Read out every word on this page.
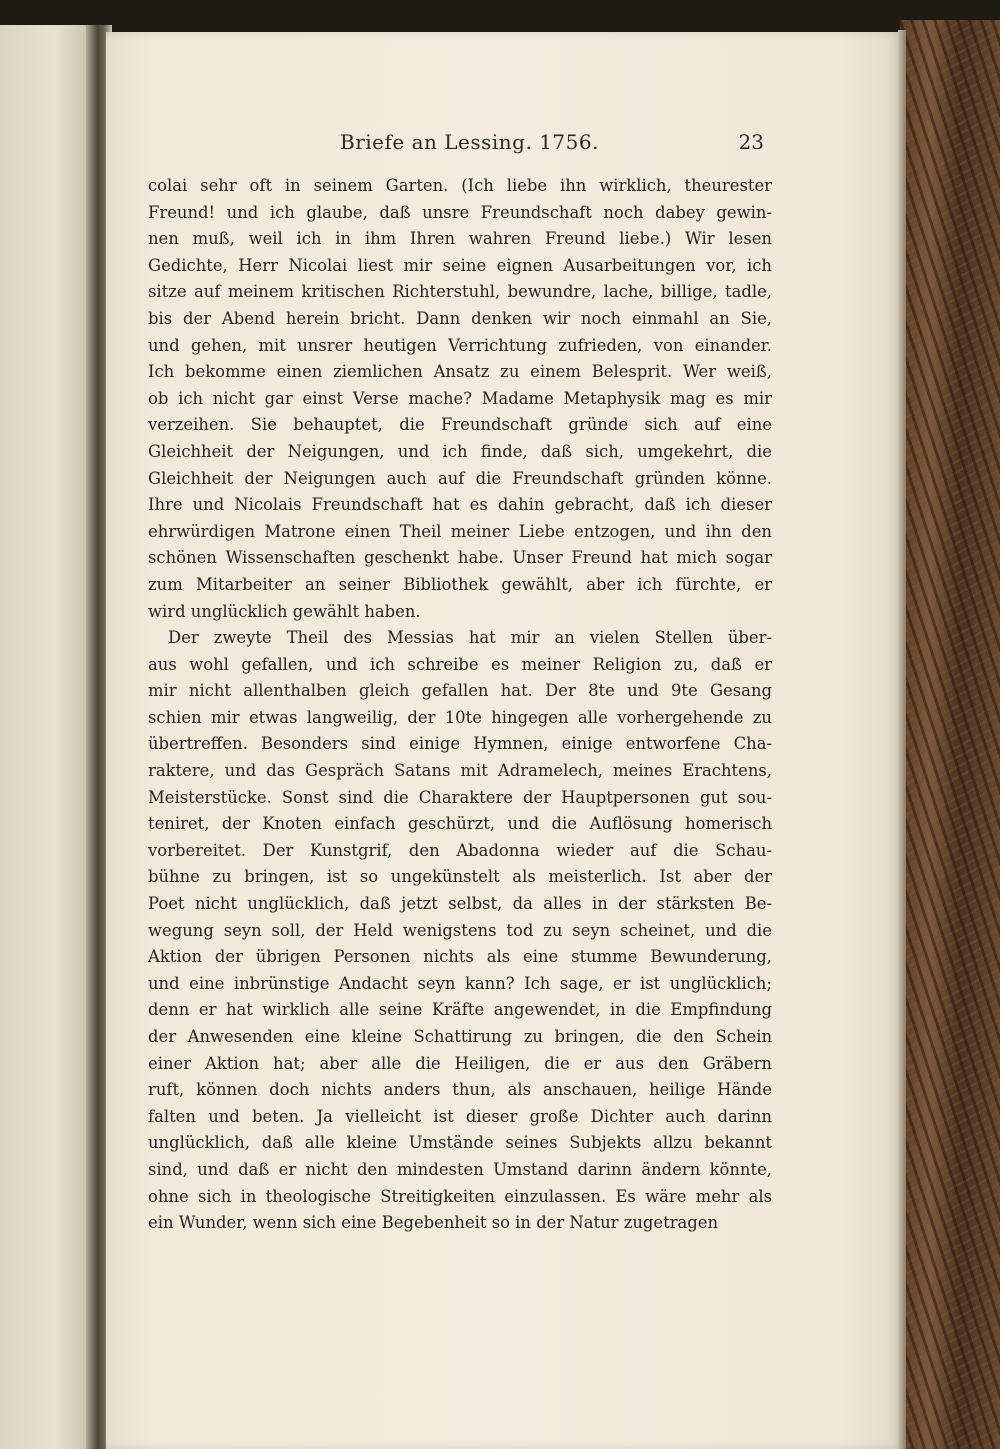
Briefe an Lessing. 1756.	23
colai sehr oft in seinem Garten. (Ich liebe ihn wirklich, theurester
Freund! und ich glaube, daß unsre Freundschaft noch dabey gewin-
nen muß, weil ich in ihm Ihren wahren Freund liebe.) Wir lesen
Gedichte, Herr Nicolai liest mir seine eignen Ausarbeitungen vor, ich
sitze auf meinem kritischen Richterstuhl, bewundre, lache, billige, tadle,
bis der Abend herein bricht. Dann denken wir noch einmahl an Sie,
und gehen, mit unsrer heutigen Verrichtung zufrieden, von einander.
Ich bekomme einen ziemlichen Ansatz zu einem Belesprit. Wer weiß,
ob ich nicht gar einst Verse mache? Madame Metaphysik mag es mir
verzeihen. Sie behauptet, die Freundschaft gründe sich auf eine
Gleichheit der Neigungen, und ich finde, daß sich, umgekehrt, die
Gleichheit der Neigungen auch auf die Freundschaft gründen könne.
Ihre und Nicolais Freundschaft hat es dahin gebracht, daß ich dieser
ehrwürdigen Matrone einen Theil meiner Liebe entzogen, und ihn den
schönen Wissenschaften geschenkt habe. Unser Freund hat mich sogar
zum Mitarbeiter an seiner Bibliothek gewählt, aber ich fürchte, er
wird unglücklich gewählt haben.
Der zweyte Theil des Messias hat mir an vielen Stellen über-
aus wohl gefallen, und ich schreibe es meiner Religion zu, daß er
mir nicht allenthalben gleich gefallen hat. Der 8te und 9te Gesang
schien mir etwas langweilig, der 10te hingegen alle vorhergehende zu
übertreffen. Besonders sind einige Hymnen, einige entworfene Cha-
raktere, und das Gespräch Satans mit Adrameleсh, meines Erachtens,
Meisterstücke. Sonst sind die Charaktere der Hauptpersonen gut sou-
teniret, der Knoten einfach geschürzt, und die Auflösung homerisch
vorbereitet. Der Kunstgrif, den Abadonna wieder auf die Schau-
bühne zu bringen, ist so ungekünstelt als meisterlich. Ist aber der
Poet nicht unglücklich, daß jetzt selbst, da alles in der stärksten Be-
wegung seyn soll, der Held wenigstens tod zu seyn scheinet, und die
Aktion der übrigen Personen nichts als eine stumme Bewunderung,
und eine inbrünstige Andacht seyn kann? Ich sage, er ist unglücklich;
denn er hat wirklich alle seine Kräfte angewendet, in die Empfindung
der Anwesenden eine kleine Schattirung zu bringen, die den Schein
einer Aktion hat; aber alle die Heiligen, die er aus den Gräbern
ruft, können doch nichts anders thun, als anschauen, heilige Hände
falten und beten. Ja vielleicht ist dieser große Dichter auch darinn
unglücklich, daß alle kleine Umstände seines Subjekts allzu bekannt
sind, und daß er nicht den mindesten Umstand darinn ändern könnte,
ohne sich in theologische Streitigkeiten einzulassen. Es wäre mehr als
ein Wunder, wenn sich eine Begebenheit so in der Natur zugetragen
